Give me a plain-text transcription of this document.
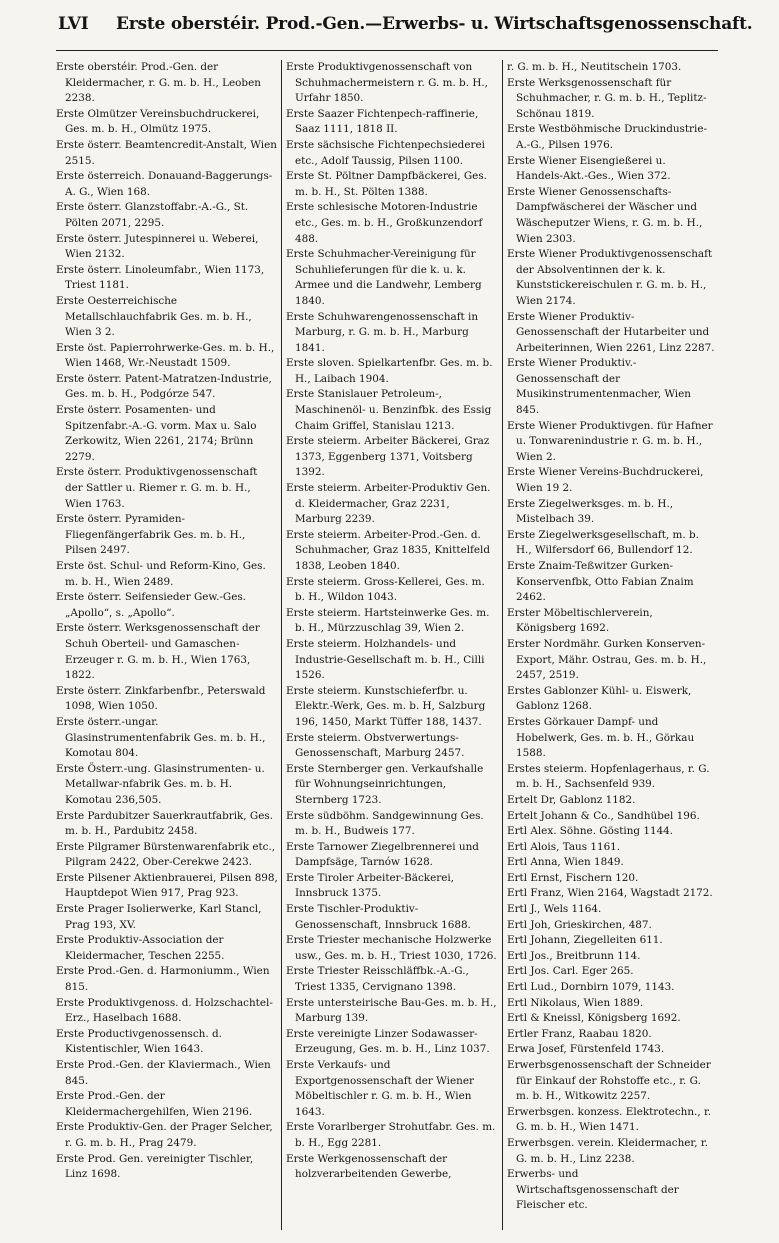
LVI Erste oberstéir. Prod.-Gen.—Erwerbs- u. Wirtschaftsgenossenschaft.

Erste oberstéir. Prod.-Gen. der Kleidermacher, r. G. m. b. H., Leoben 2238.

Erste Olmützer Vereinsbuchdruckerei, Ges. m. b. H., Olmütz 1975.

Erste österr. Beamtencredit-Anstalt, Wien 2515.

Erste österreich. Donauand-Baggerungs-A. G., Wien 168.

Erste österr. Glanzstoffabr.-A.-G., St. Pölten 2071, 2295.

Erste österr. Jutespinnerei u. Weberei, Wien 2132.

Erste österr. Linoleumfabr., Wien 1173, Triest 1181.

Erste Oesterreichische Metallschlauchfabrik Ges. m. b. H., Wien 3 2.

Erste öst. Papierrohrwerke-Ges. m. b. H., Wien 1468, Wr.-Neustadt 1509.

Erste österr. Patent-Matratzen-Industrie, Ges. m. b. H., Podgórze 547.

Erste österr. Posamenten- und Spitzenfabr.-A.-G. vorm. Max u. Salo Zerkowitz, Wien 2261, 2174; Brünn 2279.

Erste österr. Produktivgenossenschaft der Sattler u. Riemer r. G. m. b. H., Wien 1763.

Erste österr. Pyramiden-Fliegenfängerfabrik Ges. m. b. H., Pilsen 2497.

Erste öst. Schul- und Reform-Kino, Ges. m. b. H., Wien 2489.

Erste österr. Seifensieder Gew.-Ges. „Apollo“, s. „Apollo“.

Erste österr. Werksgenossenschaft der Schuh Oberteil- und Gamaschen-Erzeuger r. G. m. b. H., Wien 1763, 1822.

Erste österr. Zinkfarbenfbr., Peterswald 1098, Wien 1050.

Erste österr.-ungar. Glasinstrumentenfabrik Ges. m. b. H., Komotau 804.

Erste Österr.-ung. Glasinstrumenten- u. Metallwar-nfabrik Ges. m. b. H. Komotau 236,505.

Erste Pardubitzer Sauerkrautfabrik, Ges. m. b. H., Pardubitz 2458.

Erste Pilgramer Bürstenwarenfabrik etc., Pilgram 2422, Ober-Cerekwe 2423.

Erste Pilsener Aktienbrauerei, Pilsen 898, Hauptdepot Wien 917, Prag 923.

Erste Prager Isolierwerke, Karl Stancl, Prag 193, XV.

Erste Produktiv-Association der Kleidermacher, Teschen 2255.

Erste Prod.-Gen. d. Harmoniumm., Wien 815.

Erste Produktivgenoss. d. Holzschachtel-Erz., Haselbach 1688.

Erste Productivgenossensch. d. Kistentischler, Wien 1643.

Erste Prod.-Gen. der Klaviermach., Wien 845.

Erste Prod.-Gen. der Kleidermachergehilfen, Wien 2196.

Erste Produktiv-Gen. der Prager Selcher, r. G. m. b. H., Prag 2479.

Erste Prod. Gen. vereinigter Tischler, Linz 1698.

Erste Produktivgenossenschaft von Schuhmachermeistern r. G. m. b. H., Urfahr 1850.

Erste Saazer Fichtenpech-raffinerie, Saaz 1111, 1818 II.

Erste sächsische Fichtenpechsiederei etc., Adolf Taussig, Pilsen 1100.

Erste St. Pöltner Dampfbäckerei, Ges. m. b. H., St. Pölten 1388.

Erste schlesische Motoren-Industrie etc., Ges. m. b. H., Großkunzendorf 488.

Erste Schuhmacher-Vereinigung für Schuhlieferungen für die k. u. k. Armee und die Landwehr, Lemberg 1840.

Erste Schuhwarengenossenschaft in Marburg, r. G. m. b. H., Marburg 1841.

Erste sloven. Spielkartenfbr. Ges. m. b. H., Laibach 1904.

Erste Stanislauer Petroleum-, Maschinenöl- u. Benzinfbk. des Essig Chaim Griffel, Stanislau 1213.

Erste steierm. Arbeiter Bäckerei, Graz 1373, Eggenberg 1371, Voitsberg 1392.

Erste steierm. Arbeiter-Produktiv Gen. d. Kleidermacher, Graz 2231, Marburg 2239.

Erste steierm. Arbeiter-Prod.-Gen. d. Schuhmacher, Graz 1835, Knittelfeld 1838, Leoben 1840.

Erste steierm. Gross-Kellerei, Ges. m. b. H., Wildon 1043.

Erste steierm. Hartsteinwerke Ges. m. b. H., Mürzzuschlag 39, Wien 2.

Erste steierm. Holzhandels- und Industrie-Gesellschaft m. b. H., Cilli 1526.

Erste steierm. Kunstschieferfbr. u. Elektr.-Werk, Ges. m. b. H, Salzburg 196, 1450, Markt Tüffer 188, 1437.

Erste steierm. Obstverwertungs-Genossenschaft, Marburg 2457.

Erste Sternberger gen. Verkaufshalle für Wohnungseinrichtungen, Sternberg 1723.

Erste südböhm. Sandgewinnung Ges. m. b. H., Budweis 177.

Erste Tarnower Ziegelbrennerei und Dampfsäge, Tarnów 1628.

Erste Tiroler Arbeiter-Bäckerei, Innsbruck 1375.

Erste Tischler-Produktiv-Genossenschaft, Innsbruck 1688.

Erste Triester mechanische Holzwerke usw., Ges. m. b. H., Triest 1030, 1726.

Erste Triester Reisschläffbk.-A.-G., Triest 1335, Cervignano 1398.

Erste untersteirische Bau-Ges. m. b. H., Marburg 139.

Erste vereinigte Linzer Sodawasser-Erzeugung, Ges. m. b. H., Linz 1037.

Erste Verkaufs- und Exportgenossenschaft der Wiener Möbeltischler r. G. m. b. H., Wien 1643.

Erste Vorarlberger Strohutfabr. Ges. m. b. H., Egg 2281.

Erste Werkgenossenschaft der holzverarbeitenden Gewerbe,

r. G. m. b. H., Neutitschein 1703.

Erste Werksgenossenschaft für Schuhmacher, r. G. m. b. H., Teplitz-Schönau 1819.

Erste Westböhmische Druckindustrie-A.-G., Pilsen 1976.

Erste Wiener Eisengießerei u. Handels-Akt.-Ges., Wien 372.

Erste Wiener Genossenschafts-Dampfwäscherei der Wäscher und Wäscheputzer Wiens, r. G. m. b. H., Wien 2303.

Erste Wiener Produktivgenossenschaft der Absolventinnen der k. k. Kunststickereischulen r. G. m. b. H., Wien 2174.

Erste Wiener Produktiv-Genossenschaft der Hutarbeiter und Arbeiterinnen, Wien 2261, Linz 2287.

Erste Wiener Produktiv.-Genossenschaft der Musikinstrumentenmacher, Wien 845.

Erste Wiener Produktivgen. für Hafner u. Tonwarenindustrie r. G. m. b. H., Wien 2.

Erste Wiener Vereins-Buchdruckerei, Wien 19 2.

Erste Ziegelwerksges. m. b. H., Mistelbach 39.

Erste Ziegelwerksgesellschaft, m. b. H., Wilfersdorf 66, Bullendorf 12.

Erste Znaim-Teßwitzer Gurken-Konservenfbk, Otto Fabian Znaim 2462.

Erster Möbeltischlerverein, Königsberg 1692.

Erster Nordmähr. Gurken Konserven-Export, Mähr. Ostrau, Ges. m. b. H., 2457, 2519.

Erstes Gablonzer Kühl- u. Eiswerk, Gablonz 1268.

Erstes Görkauer Dampf- und Hobelwerk, Ges. m. b. H., Görkau 1588.

Erstes steierm. Hopfenlagerhaus, r. G. m. b. H., Sachsenfeld 939.

Ertelt Dr, Gablonz 1182.

Ertelt Johann & Co., Sandhübel 196.

Ertl Alex. Söhne. Gösting 1144.

Ertl Alois, Taus 1161.

Ertl Anna, Wien 1849.

Ertl Ernst, Fischern 120.

Ertl Franz, Wien 2164, Wagstadt 2172.

Ertl J., Wels 1164.

Ertl Joh, Grieskirchen, 487.

Ertl Johann, Ziegelleiten 611.

Ertl Jos., Breitbrunn 114.

Ertl Jos. Carl. Eger 265.

Ertl Lud., Dornbirn 1079, 1143.

Ertl Nikolaus, Wien 1889.

Ertl & Kneissl, Königsberg 1692.

Ertler Franz, Raabau 1820.

Erwa Josef, Fürstenfeld 1743.

Erwerbsgenossenschaft der Schneider für Einkauf der Rohstoffe etc., r. G. m. b. H., Witkowitz 2257.

Erwerbsgen. konzess. Elektrotechn., r. G. m. b. H., Wien 1471.

Erwerbsgen. verein. Kleidermacher, r. G. m. b. H., Linz 2238.

Erwerbs- und Wirtschaftsgenossenschaft der Fleischer etc.
